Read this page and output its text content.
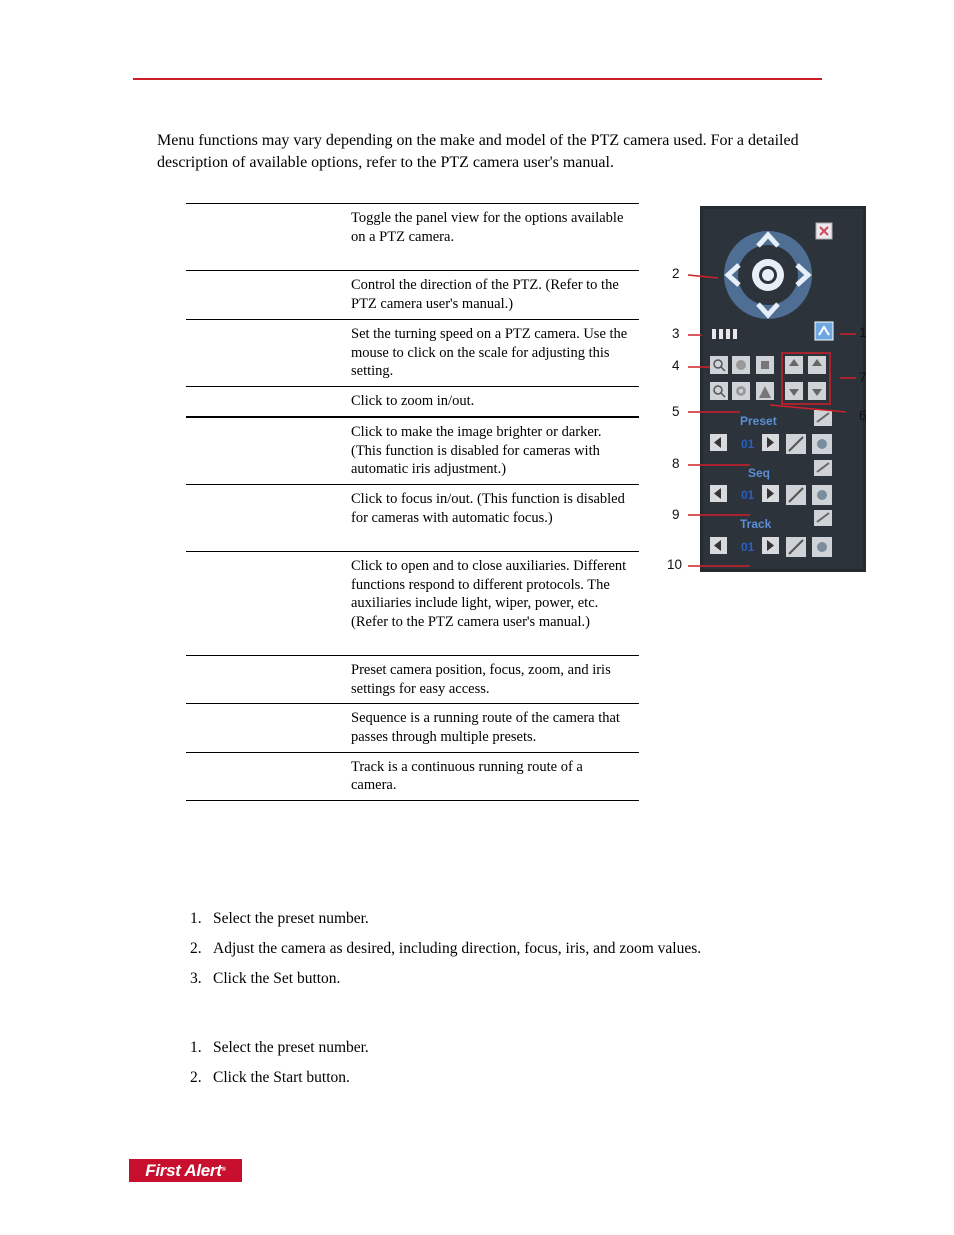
Menu functions may vary depending on the make and model of the PTZ camera used. For a detailed description of available options, refer to the PTZ camera user's manual.

	Toggle the panel view for the options available on a PTZ camera.
	Control the direction of the PTZ. (Refer to the PTZ camera user's manual.)
	Set the turning speed on a PTZ camera. Use the mouse to click on the scale for adjusting this setting.
	Click to zoom in/out.
	Click to make the image brighter or darker. (This function is disabled for cameras with automatic iris adjustment.)
	Click to focus in/out. (This function is disabled for cameras with automatic focus.)
	Click to open and to close auxiliaries. Different functions respond to different protocols. The auxiliaries include light, wiper, power, etc. (Refer to the PTZ camera user's manual.)
	Preset camera position, focus, zoom, and iris settings for easy access.
	Sequence is a running route of the camera that passes through multiple presets.
	Track is a continuous running route of a camera.
Preset
01
Seq
01
Track
01
2
1
3
4
7
5	6
8
9
10
1. Select the preset number.
2. Adjust the camera as desired, including direction, focus, iris, and zoom values.
3. Click the Set button.
1. Select the preset number.
2. Click the Start button.
First Alert®
